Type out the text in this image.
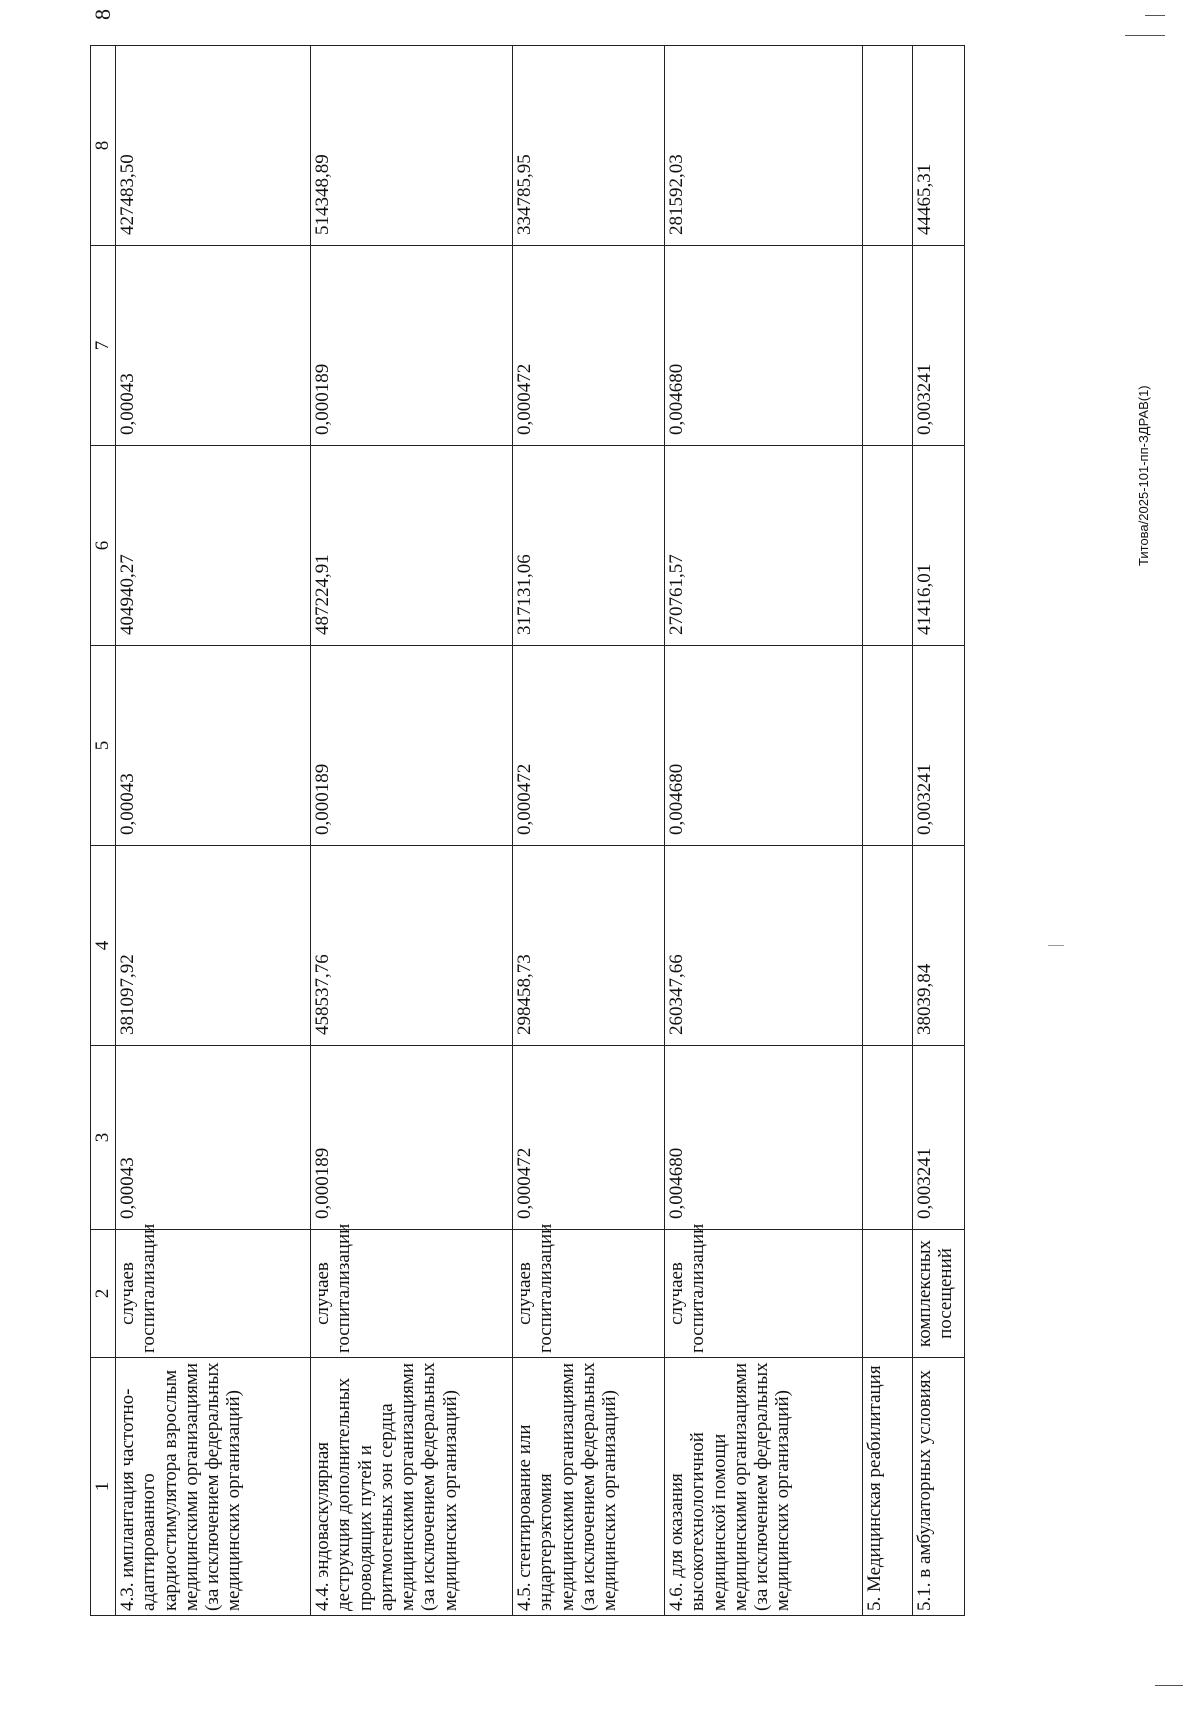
8
1	2	3	4	5	6	7	8
4.3. имплантация частотно-адаптированного кардиостимулятора взрослым медицинскими организациями (за исключением федеральных медицинских организаций)	случаев госпитализации	0,00043	381097,92	0,00043	404940,27	0,00043	427483,50
4.4. эндоваскулярная деструкция дополнительных проводящих путей и аритмогенных зон сердца медицинскими организациями (за исключением федеральных медицинских организаций)	случаев госпитализации	0,000189	458537,76	0,000189	487224,91	0,000189	514348,89
4.5. стентирование или эндартерэктомия медицинскими организациями (за исключением федеральных медицинских организаций)	случаев госпитализации	0,000472	298458,73	0,000472	317131,06	0,000472	334785,95
4.6. для оказания высокотехнологичной медицинской помощи медицинскими организациями (за исключением федеральных медицинских организаций)	случаев госпитализации	0,004680	260347,66	0,004680	270761,57	0,004680	281592,03
5. Медицинская реабилитация							
5.1. в амбулаторных условиях	комплексных посещений	0,003241	38039,84	0,003241	41416,01	0,003241	44465,31
Титова/2025-101-пп-ЗДРАВ(1)
